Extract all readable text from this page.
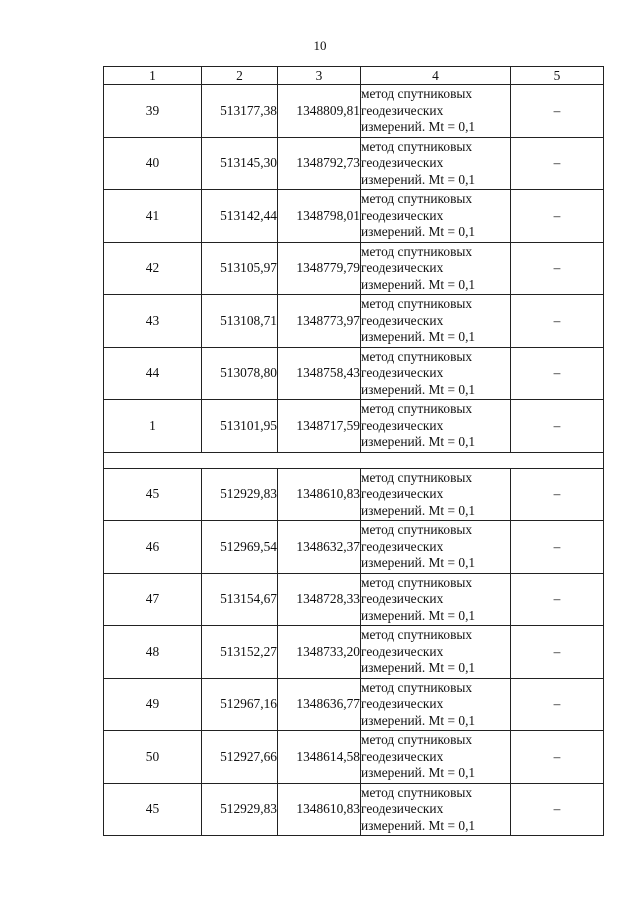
10
1	2	3	4	5
39	513177,38	1348809,81	метод спутниковых
геодезических
измерений. Mt = 0,1	–
40	513145,30	1348792,73	метод спутниковых
геодезических
измерений. Mt = 0,1	–
41	513142,44	1348798,01	метод спутниковых
геодезических
измерений. Mt = 0,1	–
42	513105,97	1348779,79	метод спутниковых
геодезических
измерений. Mt = 0,1	–
43	513108,71	1348773,97	метод спутниковых
геодезических
измерений. Mt = 0,1	–
44	513078,80	1348758,43	метод спутниковых
геодезических
измерений. Mt = 0,1	–
1	513101,95	1348717,59	метод спутниковых
геодезических
измерений. Mt = 0,1	–

45	512929,83	1348610,83	метод спутниковых
геодезических
измерений. Mt = 0,1	–
46	512969,54	1348632,37	метод спутниковых
геодезических
измерений. Mt = 0,1	–
47	513154,67	1348728,33	метод спутниковых
геодезических
измерений. Mt = 0,1	–
48	513152,27	1348733,20	метод спутниковых
геодезических
измерений. Mt = 0,1	–
49	512967,16	1348636,77	метод спутниковых
геодезических
измерений. Mt = 0,1	–
50	512927,66	1348614,58	метод спутниковых
геодезических
измерений. Mt = 0,1	–
45	512929,83	1348610,83	метод спутниковых
геодезических
измерений. Mt = 0,1	–
